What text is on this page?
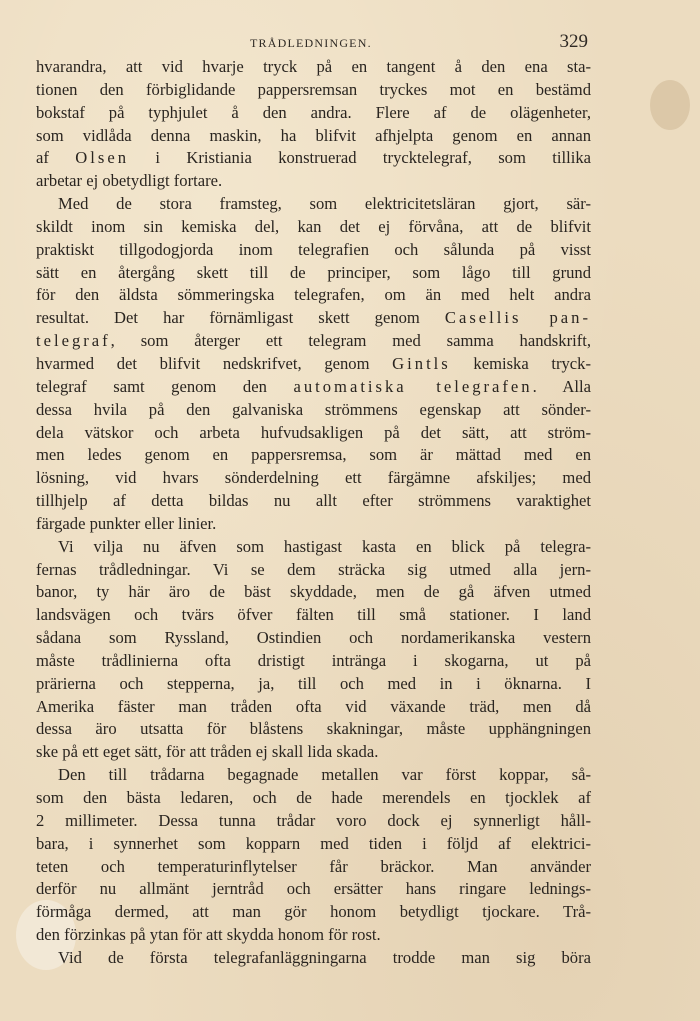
TRÅDLEDNINGEN.	329
hvarandra, att vid hvarje tryck på en tangent å den ena sta-
tionen den förbiglidande pappersremsan tryckes mot en bestämd
bokstaf på typhjulet å den andra. Flere af de olägenheter,
som vidlåda denna maskin, ha blifvit afhjelpta genom en annan
af Olsen i Kristiania konstruerad trycktelegraf, som tillika
arbetar ej obetydligt fortare.
Med de stora framsteg, som elektricitetsläran gjort, sär-
skildt inom sin kemiska del, kan det ej förvåna, att de blifvit
praktiskt tillgodogjorda inom telegrafien och sålunda på visst
sätt en återgång skett till de principer, som lågo till grund
för den äldsta sömmeringska telegrafen, om än med helt andra
resultat. Det har förnämligast skett genom Casellis pan-
telegraf, som återger ett telegram med samma handskrift,
hvarmed det blifvit nedskrifvet, genom Gintls kemiska tryck-
telegraf samt genom den automatiska telegrafen. Alla
dessa hvila på den galvaniska strömmens egenskap att sönder-
dela vätskor och arbeta hufvudsakligen på det sätt, att ström-
men ledes genom en pappersremsa, som är mättad med en
lösning, vid hvars sönderdelning ett färgämne afskiljes; med
tillhjelp af detta bildas nu allt efter strömmens varaktighet
färgade punkter eller linier.
Vi vilja nu äfven som hastigast kasta en blick på telegra-
fernas trådledningar. Vi se dem sträcka sig utmed alla jern-
banor, ty här äro de bäst skyddade, men de gå äfven utmed
landsvägen och tvärs öfver fälten till små stationer. I land
sådana som Ryssland, Ostindien och nordamerikanska vestern
måste trådlinierna ofta dristigt intränga i skogarna, ut på
prärierna och stepperna, ja, till och med in i öknarna. I
Amerika fäster man tråden ofta vid växande träd, men då
dessa äro utsatta för blåstens skakningar, måste upphängningen
ske på ett eget sätt, för att tråden ej skall lida skada.
Den till trådarna begagnade metallen var först koppar, så-
som den bästa ledaren, och de hade merendels en tjocklek af
2 millimeter. Dessa tunna trådar voro dock ej synnerligt håll-
bara, i synnerhet som kopparn med tiden i följd af elektrici-
teten och temperaturinflytelser får bräckor. Man använder
derför nu allmänt jerntråd och ersätter hans ringare lednings-
förmåga dermed, att man gör honom betydligt tjockare. Trå-
den förzinkas på ytan för att skydda honom för rost.
Vid de första telegrafanläggningarna trodde man sig böra
